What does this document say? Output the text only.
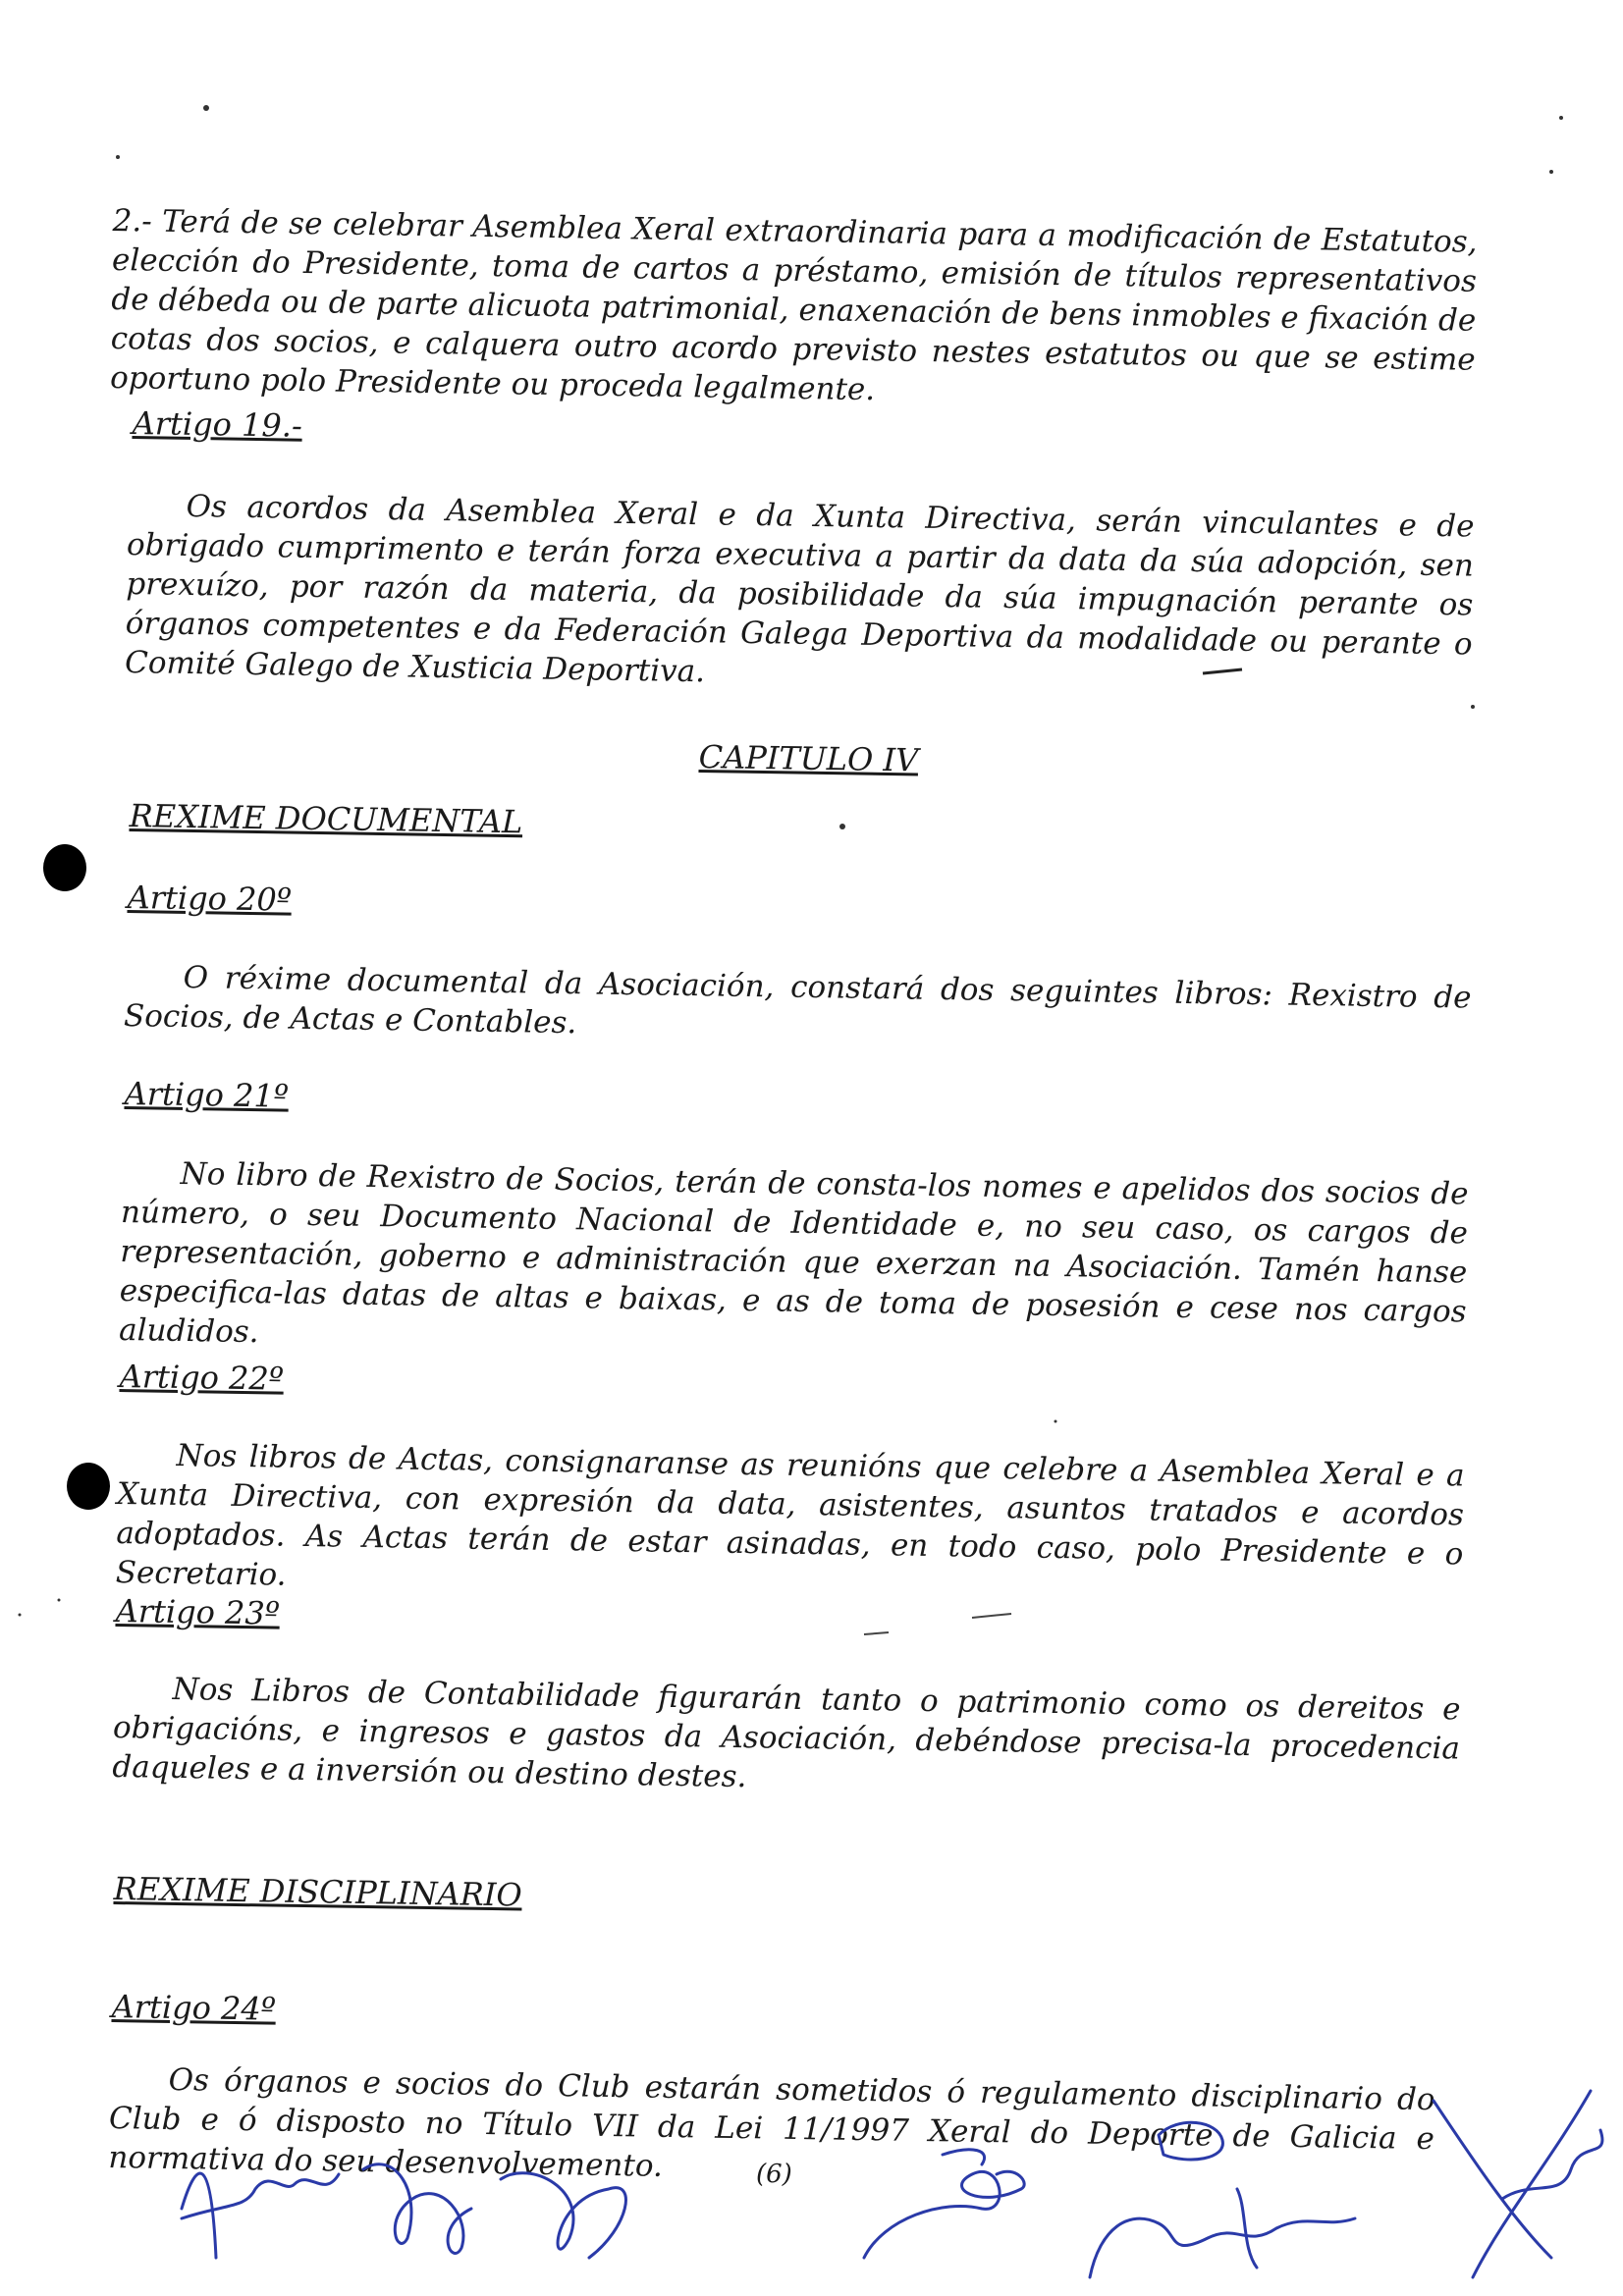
2.- Terá de se celebrar Asemblea Xeral extraordinaria para a modificación de Estatutos, elección do Presidente, toma de cartos a préstamo, emisión de títulos representativos de débeda ou de parte alicuota patrimonial, enaxenación de bens inmobles e fixación de cotas dos socios, e calquera outro acordo previsto nestes estatutos ou que se estime oportuno polo Presidente ou proceda legalmente.

Artigo 19.-

Os acordos da Asemblea Xeral e da Xunta Directiva, serán vinculantes e de obrigado cumprimento e terán forza executiva a partir da data da súa adopción, sen prexuízo, por razón da materia, da posibilidade da súa impugnación perante os órganos competentes e da Federación Galega Deportiva da modalidade ou perante o Comité Galego de Xusticia Deportiva.

CAPITULO IV
REXIME DOCUMENTAL
Artigo 20º

O réxime documental da Asociación, constará dos seguintes libros: Rexistro de Socios, de Actas e Contables.

Artigo 21º

No libro de Rexistro de Socios, terán de consta-los nomes e apelidos dos socios de número, o seu Documento Nacional de Identidade e, no seu caso, os cargos de representación, goberno e administración que exerzan na Asociación. Tamén hanse especifica-las datas de altas e baixas, e as de toma de posesión e cese nos cargos aludidos.

Artigo 22º

Nos libros de Actas, consignaranse as reunións que celebre a Asemblea Xeral e a Xunta Directiva, con expresión da data, asistentes, asuntos tratados e acordos adoptados. As Actas terán de estar asinadas, en todo caso, polo Presidente e o Secretario.

Artigo 23º

Nos Libros de Contabilidade figurarán tanto o patrimonio como os dereitos e obrigacións, e ingresos e gastos da Asociación, debéndose precisa-la procedencia daqueles e a inversión ou destino destes.

REXIME DISCIPLINARIO
Artigo 24º

Os órganos e socios do Club estarán sometidos ó regulamento disciplinario do Club e ó disposto no Título VII da Lei 11/1997 Xeral do Deporte de Galicia e normativa do seu desenvolvemento.	(6)
